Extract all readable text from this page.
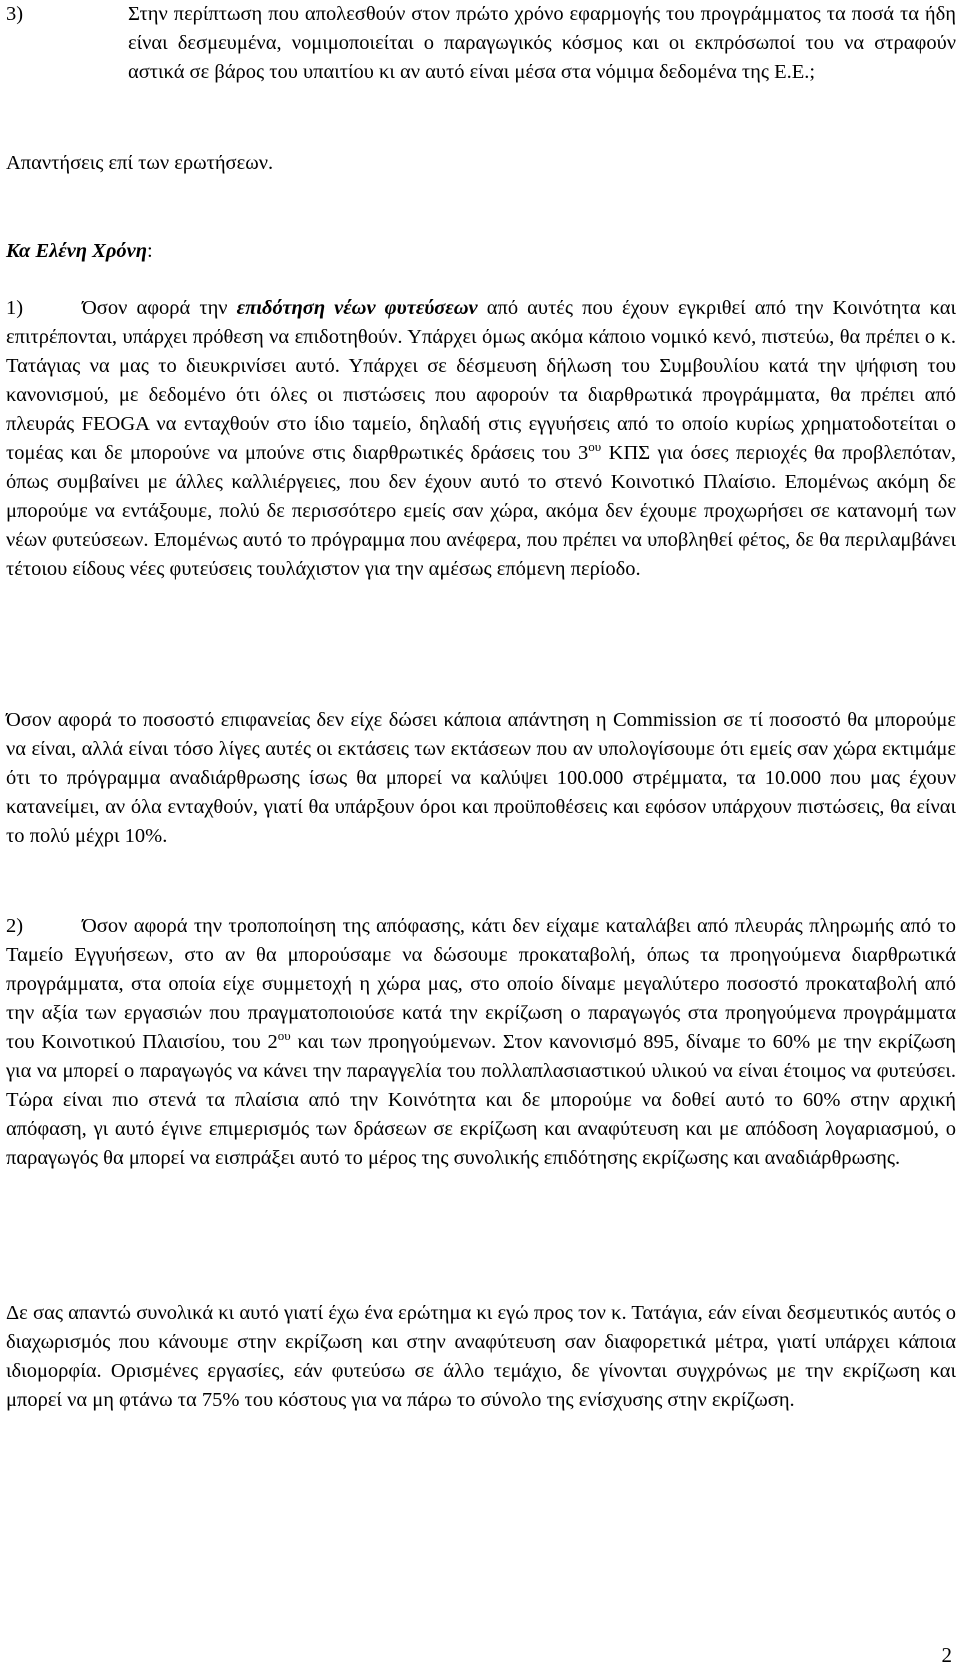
3)	Στην περίπτωση που απολεσθούν στον πρώτο χρόνο εφαρμογής του προγράμματος τα ποσά τα ήδη είναι δεσμευμένα, νομιμοποιείται ο παραγωγικός κόσμος και οι εκπρόσωποί του να στραφούν αστικά σε βάρος του υπαιτίου κι αν αυτό είναι μέσα στα νόμιμα δεδομένα της Ε.Ε.;
Απαντήσεις επί των ερωτήσεων.
Κα Ελένη Χρόνη:
1)	Όσον αφορά την επιδότηση νέων φυτεύσεων από αυτές που έχουν εγκριθεί από την Κοινότητα και επιτρέπονται, υπάρχει πρόθεση να επιδοτηθούν. Υπάρχει όμως ακόμα κάποιο νομικό κενό, πιστεύω, θα πρέπει ο κ. Τατάγιας να μας το διευκρινίσει αυτό. Υπάρχει σε δέσμευση δήλωση του Συμβουλίου κατά την ψήφιση του κανονισμού, με δεδομένο ότι όλες οι πιστώσεις που αφορούν τα διαρθρωτικά προγράμματα, θα πρέπει από πλευράς FEOGA να ενταχθούν στο ίδιο ταμείο, δηλαδή στις εγγυήσεις από το οποίο κυρίως χρηματοδοτείται ο τομέας και δε μπορούνε να μπούνε στις διαρθρωτικές δράσεις του $3^{o\upsilon}$ ΚΠΣ για όσες περιοχές θα προβλεπόταν, όπως συμβαίνει με άλλες καλλιέργειες, που δεν έχουν αυτό το στενό Κοινοτικό Πλαίσιο. Επομένως ακόμη δε μπορούμε να εντάξουμε, πολύ δε περισσότερο εμείς σαν χώρα, ακόμα δεν έχουμε προχωρήσει σε κατανομή των νέων φυτεύσεων. Επομένως αυτό το πρόγραμμα που ανέφερα, που πρέπει να υποβληθεί φέτος, δε θα περιλαμβάνει τέτοιου είδους νέες φυτεύσεις τουλάχιστον για την αμέσως επόμενη περίοδο.
Όσον αφορά το ποσοστό επιφανείας δεν είχε δώσει κάποια απάντηση η Commission σε τί ποσοστό θα μπορούμε να είναι, αλλά είναι τόσο λίγες αυτές οι εκτάσεις των εκτάσεων που αν υπολογίσουμε ότι εμείς σαν χώρα εκτιμάμε ότι το πρόγραμμα αναδιάρθρωσης ίσως θα μπορεί να καλύψει 100.000 στρέμματα, τα 10.000 που μας έχουν κατανείμει, αν όλα ενταχθούν, γιατί θα υπάρξουν όροι και προϋποθέσεις και εφόσον υπάρχουν πιστώσεις, θα είναι το πολύ μέχρι 10%.
2)	Όσον αφορά την τροποποίηση της απόφασης, κάτι δεν είχαμε καταλάβει από πλευράς πληρωμής από το Ταμείο Εγγυήσεων, στο αν θα μπορούσαμε να δώσουμε προκαταβολή, όπως τα προηγούμενα διαρθρωτικά προγράμματα, στα οποία είχε συμμετοχή η χώρα μας, στο οποίο δίναμε μεγαλύτερο ποσοστό προκαταβολή από την αξία των εργασιών που πραγματοποιούσε κατά την εκρίζωση ο παραγωγός στα προηγούμενα προγράμματα του Κοινοτικού Πλαισίου, του $2^{o\upsilon}$ και των προηγούμενων. Στον κανονισμό 895, δίναμε το 60% με την εκρίζωση για να μπορεί ο παραγωγός να κάνει την παραγγελία του πολλαπλασιαστικού υλικού να είναι έτοιμος να φυτεύσει. Τώρα είναι πιο στενά τα πλαίσια από την Κοινότητα και δε μπορούμε να δοθεί αυτό το 60% στην αρχική απόφαση, γι αυτό έγινε επιμερισμός των δράσεων σε εκρίζωση και αναφύτευση και με απόδοση λογαριασμού, ο παραγωγός θα μπορεί να εισπράξει αυτό το μέρος της συνολικής επιδότησης εκρίζωσης και αναδιάρθρωσης.
Δε σας απαντώ συνολικά κι αυτό γιατί έχω ένα ερώτημα κι εγώ προς τον κ. Τατάγια, εάν είναι δεσμευτικός αυτός ο διαχωρισμός που κάνουμε στην εκρίζωση και στην αναφύτευση σαν διαφορετικά μέτρα, γιατί υπάρχει κάποια ιδιομορφία. Ορισμένες εργασίες, εάν φυτεύσω σε άλλο τεμάχιο, δε γίνονται συγχρόνως με την εκρίζωση και μπορεί να μη φτάνω τα 75% του κόστους για να πάρω το σύνολο της ενίσχυσης στην εκρίζωση.
2
